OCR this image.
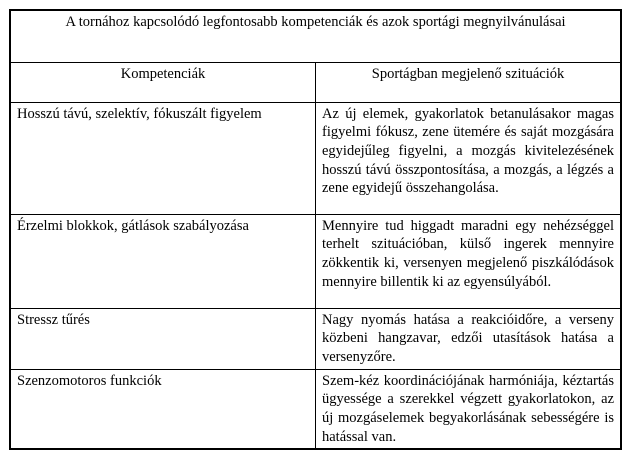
A tornához kapcsolódó legfontosabb kompetenciák és azok sportági megnyilvánulásai	

Kompetenciák	Sportágban megjelenő szituációk
Hosszú távú, szelektív, fókuszált figyelem	Az új elemek, gyakorlatok betanulásakor magas figyelmi fókusz, zene ütemére és saját mozgására egyidejűleg figyelni, a mozgás kivitelezésének hosszú távú összpontosítása, a mozgás, a légzés a zene egyidejű összehangolása.
Érzelmi blokkok, gátlások szabályozása	Mennyire tud higgadt maradni egy nehézséggel terhelt szituációban, külső ingerek mennyire zökkentik ki, versenyen megjelenő piszkálódások mennyire billentik ki az egyensúlyából.
Stressz tűrés	Nagy nyomás hatása a reakcióidőre, a verseny közbeni hangzavar, edzői utasítások hatása a versenyzőre.
Szenzomotoros funkciók	Szem-kéz koordinációjának harmóniája, kéztartás ügyessége a szerekkel végzett gyakorlatokon, az új mozgáselemek begyakorlásának sebességére is hatással van.
